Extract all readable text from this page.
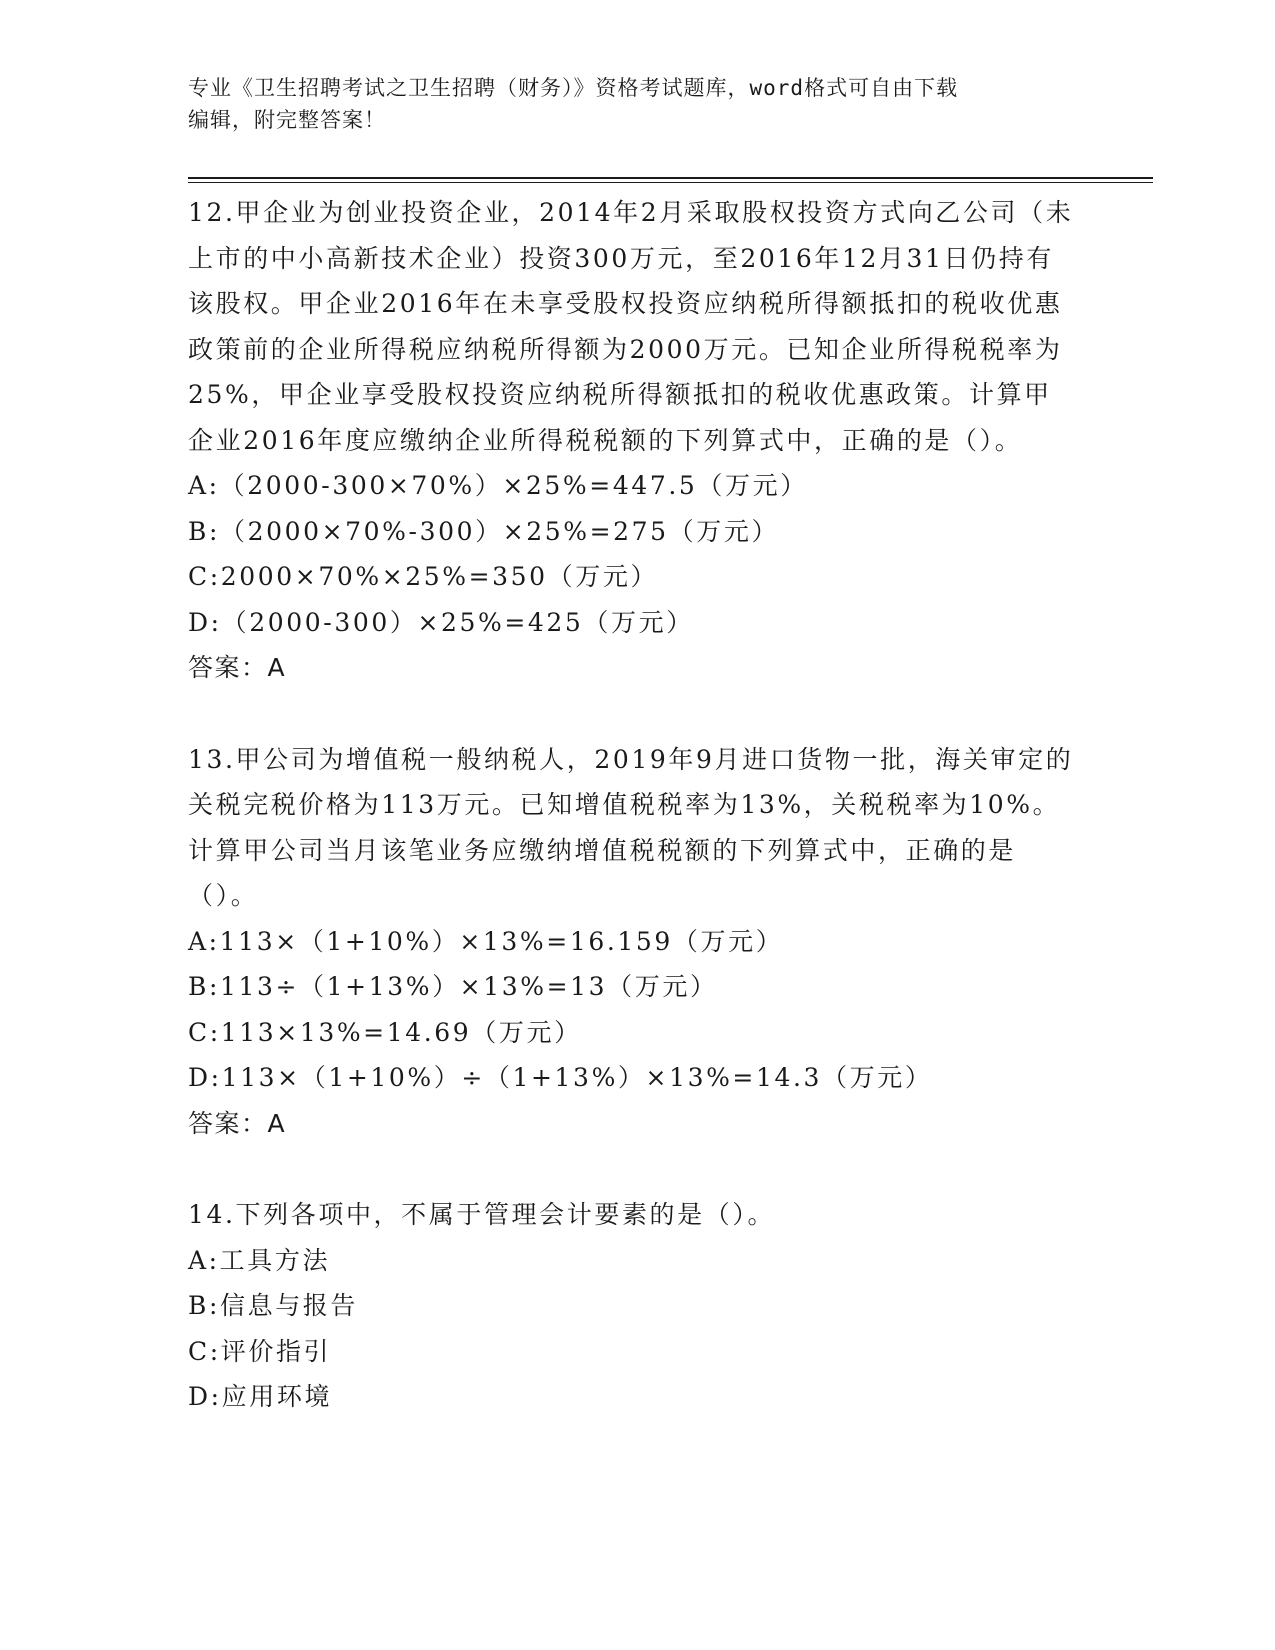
专业《卫生招聘考试之卫生招聘（财务）》资格考试题库，word格式可自由下载
编辑，附完整答案！
12.甲企业为创业投资企业，2014年2月采取股权投资方式向乙公司（未上市的中小高新技术企业）投资300万元，至2016年12月31日仍持有该股权。甲企业2016年在未享受股权投资应纳税所得额抵扣的税收优惠政策前的企业所得税应纳税所得额为2000万元。已知企业所得税税率为25%，甲企业享受股权投资应纳税所得额抵扣的税收优惠政策。计算甲企业2016年度应缴纳企业所得税税额的下列算式中，正确的是（）。
A:（2000-300×70%）×25%=447.5（万元）
B:（2000×70%-300）×25%=275（万元）
C:2000×70%×25%=350（万元）
D:（2000-300）×25%=425（万元）
答案：A
13.甲公司为增值税一般纳税人，2019年9月进口货物一批，海关审定的关税完税价格为113万元。已知增值税税率为13%，关税税率为10%。计算甲公司当月该笔业务应缴纳增值税税额的下列算式中，正确的是（）。
A:113×（1+10%）×13%=16.159（万元）
B:113÷（1+13%）×13%=13（万元）
C:113×13%=14.69（万元）
D:113×（1+10%）÷（1+13%）×13%=14.3（万元）
答案：A
14.下列各项中，不属于管理会计要素的是（）。
A:工具方法
B:信息与报告
C:评价指引
D:应用环境
